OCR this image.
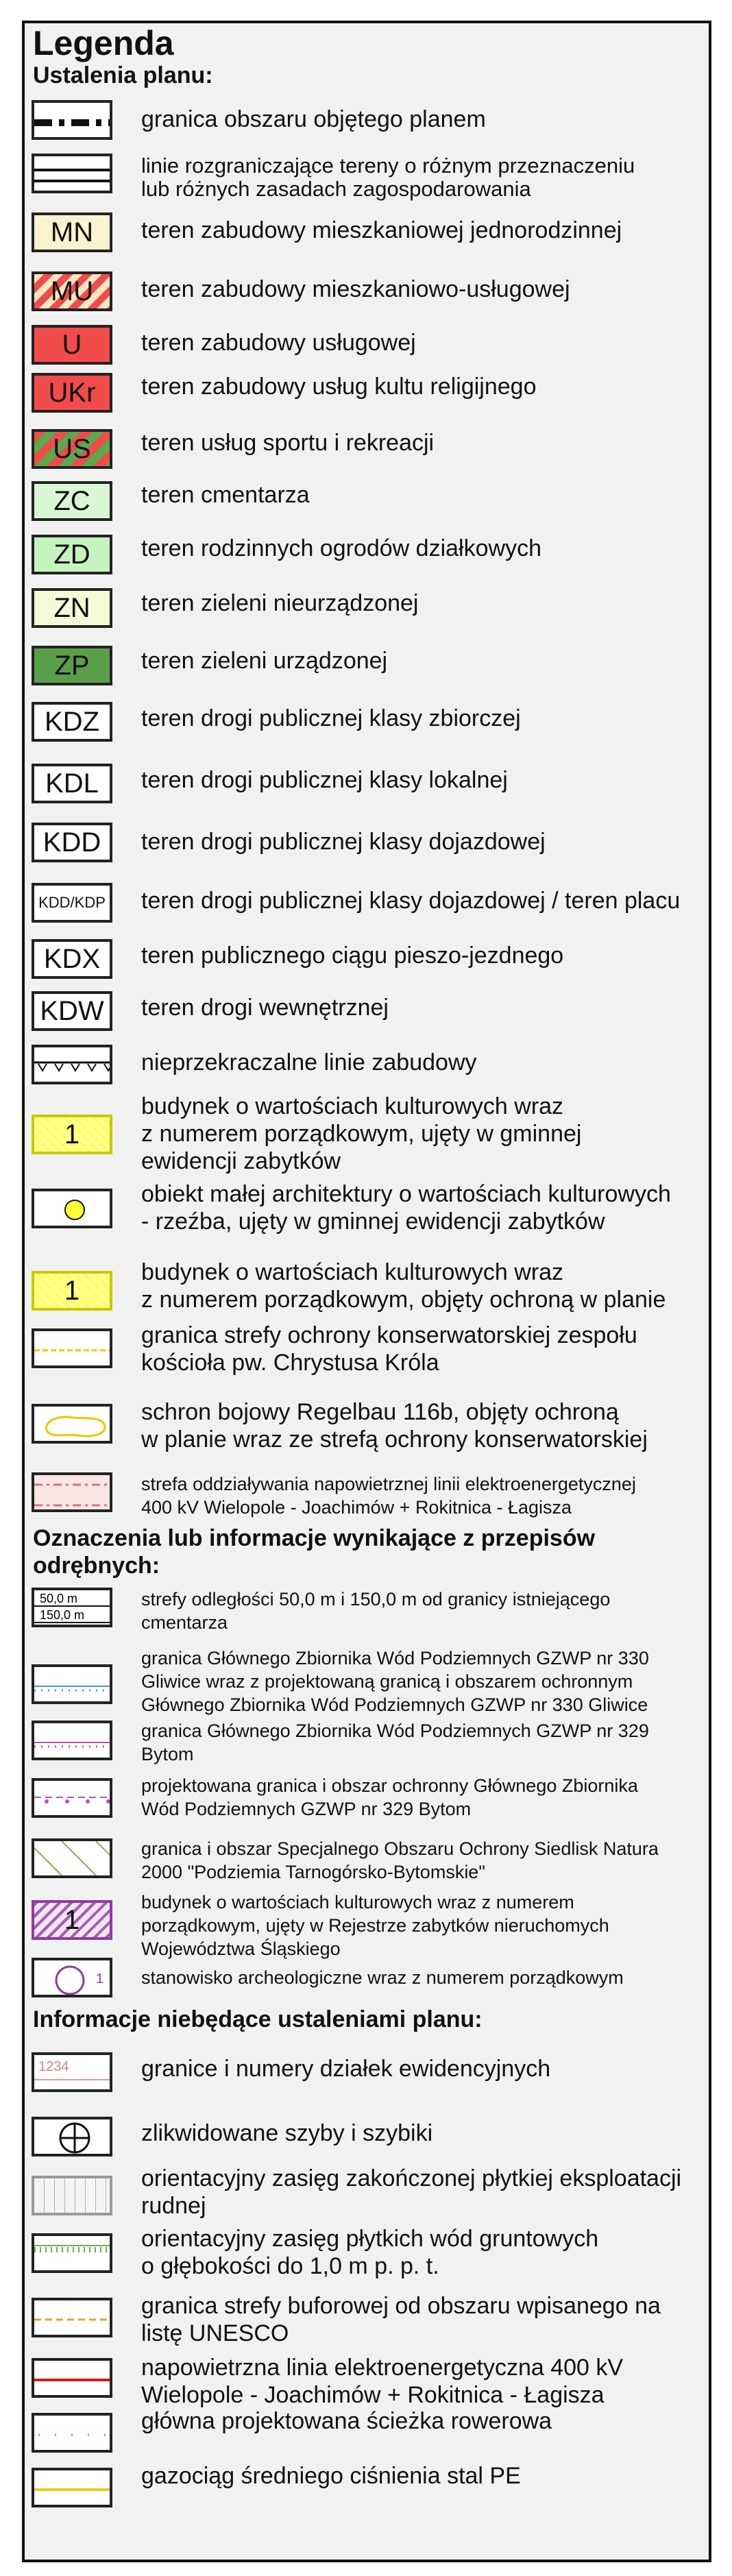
Legenda
Ustalenia planu:
granica obszaru objętego planem
linie rozgraniczające tereny o różnym przeznaczeniu
lub różnych zasadach zagospodarowania
MN teren zabudowy mieszkaniowej jednorodzinnej
MU teren zabudowy mieszkaniowo-usługowej
U	teren zabudowy usługowej
UKr teren zabudowy usług kultu religijnego
US teren usług sportu i rekreacji
ZC teren cmentarza
ZD teren rodzinnych ogrodów działkowych
ZN teren zieleni nieurządzonej
ZP teren zieleni urządzonej
KDZ teren drogi publicznej klasy zbiorczej
KDL teren drogi publicznej klasy lokalnej
KDD teren drogi publicznej klasy dojazdowej
KDD/KDP teren drogi publicznej klasy dojazdowej / teren placu
KDX teren publicznego ciągu pieszo-jezdnego
KDW teren drogi wewnętrznej
nieprzekraczalne linie zabudowy
1
budynek o wartościach kulturowych wraz
z numerem porządkowym, ujęty w gminnej
ewidencji zabytków
obiekt małej architektury o wartościach kulturowych
- rzeźba, ujęty w gminnej ewidencji zabytków
1
budynek o wartościach kulturowych wraz
z numerem porządkowym, objęty ochroną w planie
granica strefy ochrony konserwatorskiej zespołu
kościoła pw. Chrystusa Króla
schron bojowy Regelbau 116b, objęty ochroną
w planie wraz ze strefą ochrony konserwatorskiej
strefa oddziaływania napowietrznej linii elektroenergetycznej
400 kV Wielopole - Joachimów + Rokitnica - Łagisza
Oznaczenia lub informacje wynikające z przepisów odrębnych:
50,0 m
150,0 m
strefy odległości 50,0 m i 150,0 m od granicy istniejącego
cmentarza
granica Głównego Zbiornika Wód Podziemnych GZWP nr 330
Gliwice wraz z projektowaną granicą i obszarem ochronnym
Głównego Zbiornika Wód Podziemnych GZWP nr 330 Gliwice
granica Głównego Zbiornika Wód Podziemnych GZWP nr 329
Bytom
projektowana granica i obszar ochronny Głównego Zbiornika
Wód Podziemnych GZWP nr 329 Bytom
granica i obszar Specjalnego Obszaru Ochrony Siedlisk Natura
2000 "Podziemia Tarnogórsko-Bytomskie"
1
budynek o wartościach kulturowych wraz z numerem
porządkowym, ujęty w Rejestrze zabytków nieruchomych
Województwa Śląskiego
1 stanowisko archeologiczne wraz z numerem porządkowym
Informacje niebędące ustaleniami planu:
1234	granice i numery działek ewidencyjnych
zlikwidowane szyby i szybiki
orientacyjny zasięg zakończonej płytkiej eksploatacji
rudnej
orientacyjny zasięg płytkich wód gruntowych
o głębokości do 1,0 m p. p. t.
granica strefy buforowej od obszaru wpisanego na
listę UNESCO
napowietrzna linia elektroenergetyczna 400 kV
Wielopole - Joachimów + Rokitnica - Łagisza
główna projektowana ścieżka rowerowa
gazociąg średniego ciśnienia stal PE
